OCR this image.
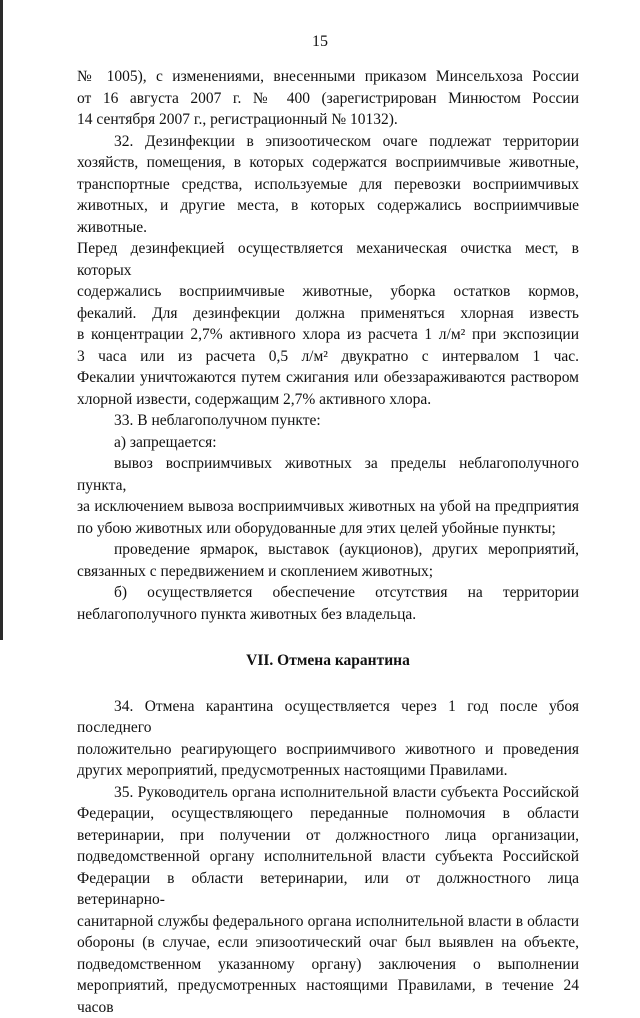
15

№ 1005), с изменениями, внесенными приказом Минсельхоза России

от 16 августа 2007 г. № 400 (зарегистрирован Минюстом России

14 сентября 2007 г., регистрационный № 10132).

32. Дезинфекции в эпизоотическом очаге подлежат территории

хозяйств, помещения, в которых содержатся восприимчивые животные,

транспортные средства, используемые для перевозки восприимчивых

животных, и другие места, в которых содержались восприимчивые животные.

Перед дезинфекцией осуществляется механическая очистка мест, в которых

содержались восприимчивые животные, уборка остатков кормов,

фекалий. Для дезинфекции должна применяться хлорная известь

в концентрации 2,7% активного хлора из расчета 1 л/м² при экспозиции

3 часа или из расчета 0,5 л/м² двукратно с интервалом 1 час.

Фекалии уничтожаются путем сжигания или обеззараживаются раствором

хлорной извести, содержащим 2,7% активного хлора.

33. В неблагополучном пункте:

а) запрещается:

вывоз восприимчивых животных за пределы неблагополучного пункта,

за исключением вывоза восприимчивых животных на убой на предприятия

по убою животных или оборудованные для этих целей убойные пункты;

проведение ярмарок, выставок (аукционов), других мероприятий,

связанных с передвижением и скоплением животных;

б) осуществляется обеспечение отсутствия на территории

неблагополучного пункта животных без владельца.

VII. Отмена карантина

34. Отмена карантина осуществляется через 1 год после убоя последнего

положительно реагирующего восприимчивого животного и проведения

других мероприятий, предусмотренных настоящими Правилами.

35. Руководитель органа исполнительной власти субъекта Российской

Федерации, осуществляющего переданные полномочия в области

ветеринарии, при получении от должностного лица организации,

подведомственной органу исполнительной власти субъекта Российской

Федерации в области ветеринарии, или от должностного лица ветеринарно-

санитарной службы федерального органа исполнительной власти в области

обороны (в случае, если эпизоотический очаг был выявлен на объекте,

подведомственном указанному органу) заключения о выполнении

мероприятий, предусмотренных настоящими Правилами, в течение 24 часов
